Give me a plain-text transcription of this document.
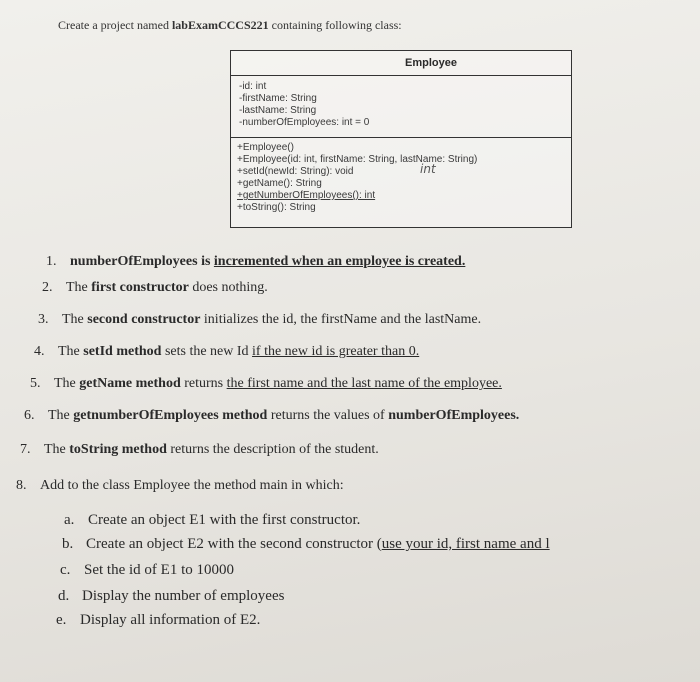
Create a project named labExamCCCS221 containing following class:
Employee
-id: int
-firstName: String
-lastName: String
-numberOfEmployees: int = 0
+Employee()
+Employee(id: int, firstName: String, lastName: String)
+setId(newId: String): void
+getName(): String
+getNumberOfEmployees(): int
+toString(): String
int
1. numberOfEmployees is incremented when an employee is created.
2. The first constructor does nothing.
3. The second constructor initializes the id, the firstName and the lastName.
4. The setId method sets the new Id if the new id is greater than 0.
5. The getName method returns the first name and the last name of the employee.
6. The getnumberOfEmployees method returns the values of numberOfEmployees.
7. The toString method returns the description of the student.
8. Add to the class Employee the method main in which:
a. Create an object E1 with the first constructor.
b. Create an object E2 with the second constructor (use your id, first name and l
c. Set the id of E1 to 10000
d. Display the number of employees
e. Display all information of E2.
